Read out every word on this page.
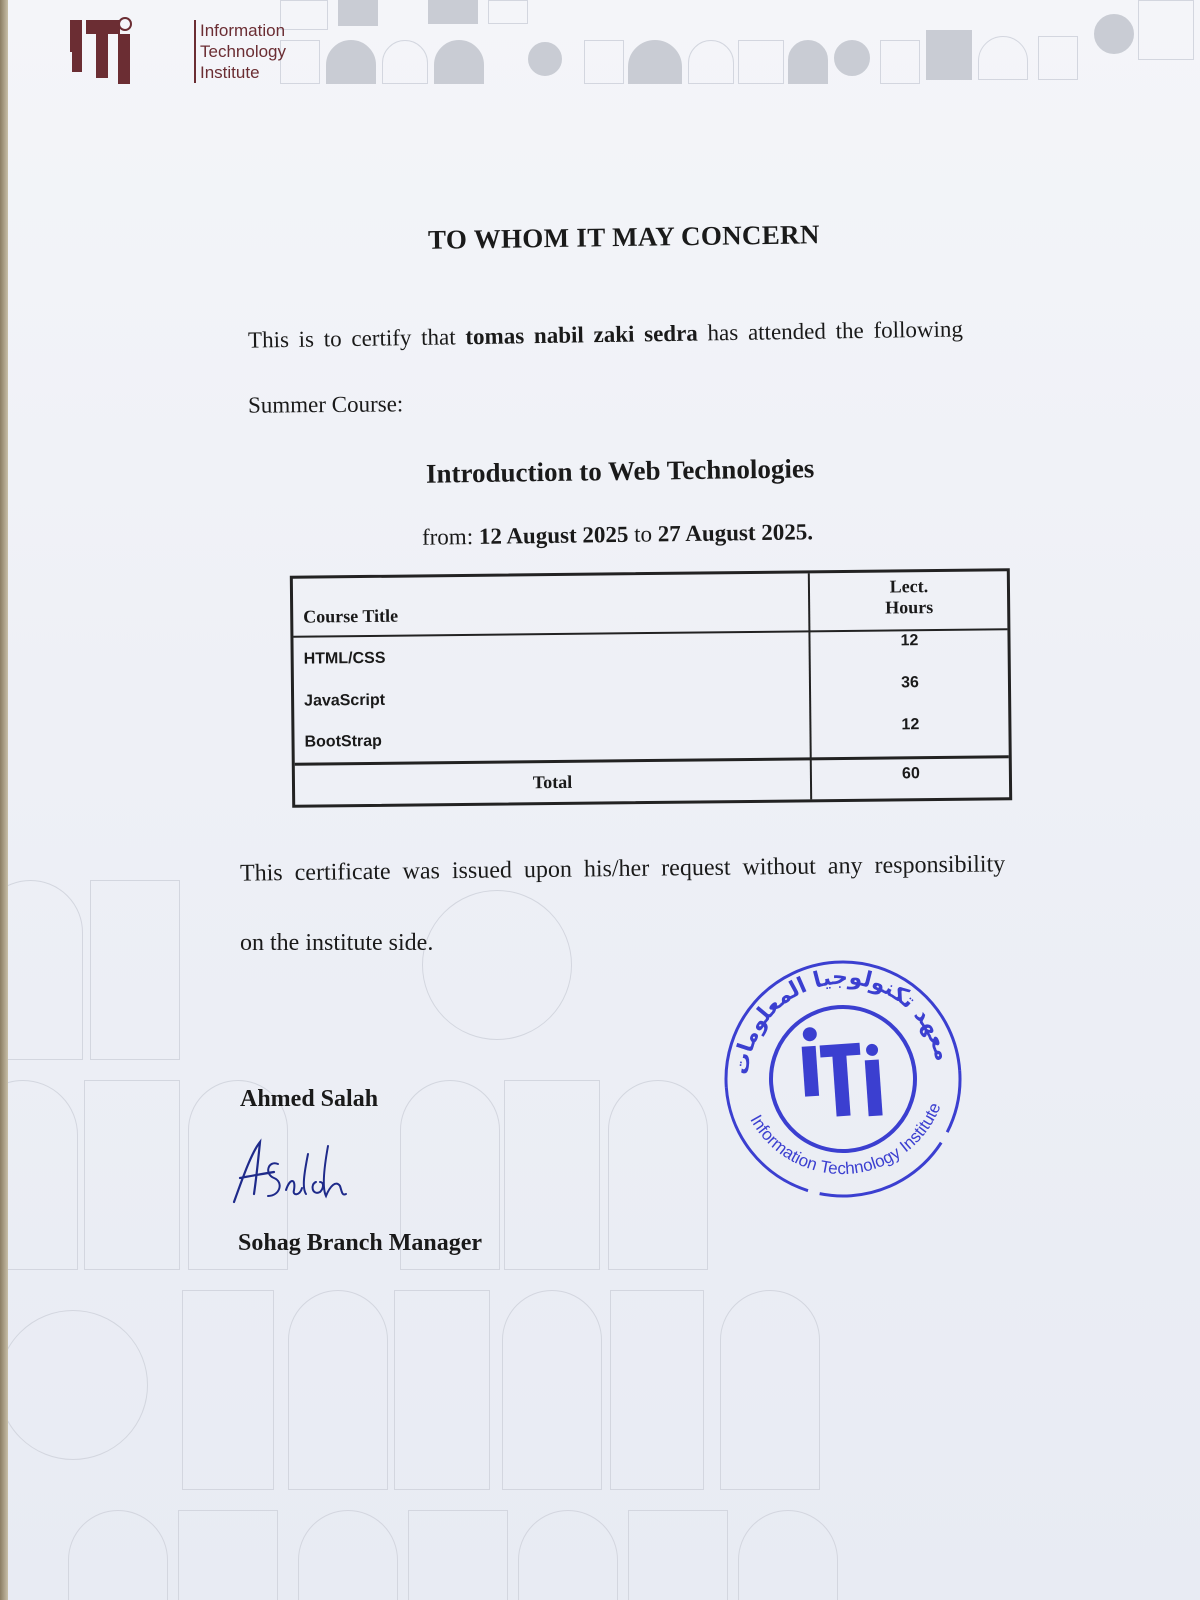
Information
Technology
Institute
TO WHOM IT MAY CONCERN
This is to certify that tomas nabil zaki sedra has attended the following
Summer Course:
Introduction to Web Technologies
from: 12 August 2025 to 27 August 2025.
Course Title
Lect.
Hours
HTML/CSS
12
JavaScript
36
BootStrap
12
Total	60
This certificate was issued upon his/her request without any responsibility
on the institute side.
Ahmed Salah
Sohag Branch Manager
معهد تكنولوجيا المعلومات
Information Technology Institute
